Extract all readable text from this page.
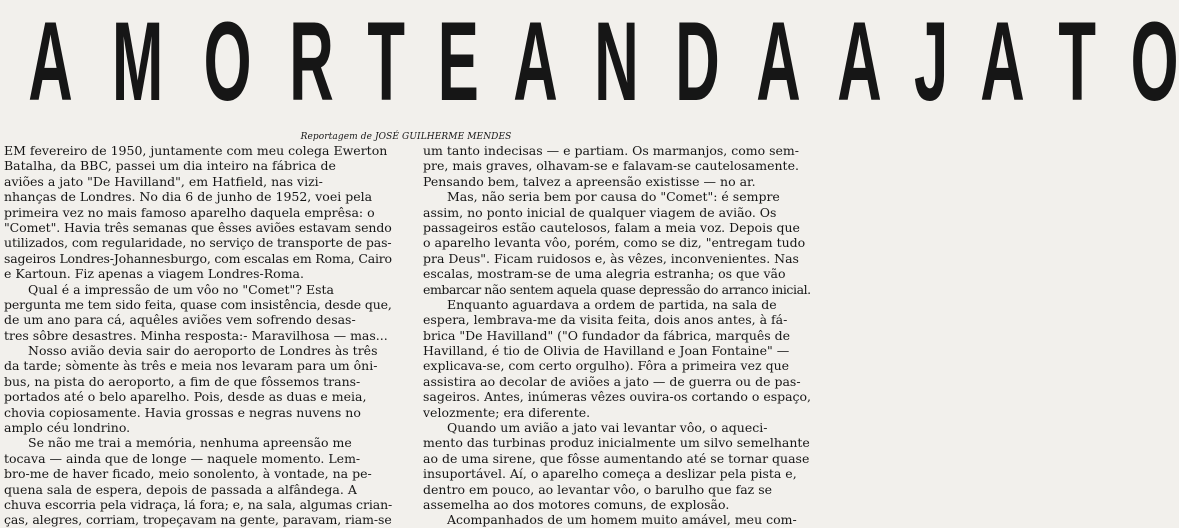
A M O R T E A N D A A J A T O
Reportagem de JOSÉ GUILHERME MENDES
EM fevereiro de 1950, juntamente com meu colega Ewerton
Batalha, da BBC, passei um dia inteiro na fábrica de
aviões a jato "De Havilland", em Hatfield, nas vizi-
nhanças de Londres. No dia 6 de junho de 1952, voei pela
primeira vez no mais famoso aparelho daquela emprêsa: o
"Comet". Havia três semanas que êsses aviões estavam sendo
utilizados, com regularidade, no serviço de transporte de pas-
sageiros Londres-Johannesburgo, com escalas em Roma, Cairo
e Kartoun. Fiz apenas a viagem Londres-Roma.
Qual é a impressão de um vôo no "Comet"? Esta
pergunta me tem sido feita, quase com insistência, desde que,
de um ano para cá, aquêles aviões vem sofrendo desas-
tres sôbre desastres. Minha resposta:- Maravilhosa — mas...
Nosso avião devia sair do aeroporto de Londres às três
da tarde; sòmente às três e meia nos levaram para um ôni-
bus, na pista do aeroporto, a fim de que fôssemos trans-
portados até o belo aparelho. Pois, desde as duas e meia,
chovia copiosamente. Havia grossas e negras nuvens no
amplo céu londrino.
Se não me trai a memória, nenhuma apreensão me
tocava — ainda que de longe — naquele momento. Lem-
bro-me de haver ficado, meio sonolento, à vontade, na pe-
quena sala de espera, depois de passada a alfândega. A
chuva escorria pela vidraça, lá fora; e, na sala, algumas crian-
ças, alegres, corriam, tropeçavam na gente, paravam, riam-se
um tanto indecisas — e partiam. Os marmanjos, como sem-
pre, mais graves, olhavam-se e falavam-se cautelosamente.
Pensando bem, talvez a apreensão existisse — no ar.
Mas, não seria bem por causa do "Comet": é sempre
assim, no ponto inicial de qualquer viagem de avião. Os
passageiros estão cautelosos, falam a meia voz. Depois que
o aparelho levanta vôo, porém, como se diz, "entregam tudo
pra Deus". Ficam ruidosos e, às vêzes, inconvenientes. Nas
escalas, mostram-se de uma alegria estranha; os que vão
embarcar não sentem aquela quase depressão do arranco inicial.
Enquanto aguardava a ordem de partida, na sala de
espera, lembrava-me da visita feita, dois anos antes, à fá-
brica "De Havilland" ("O fundador da fábrica, marquês de
Havilland, é tio de Olivia de Havilland e Joan Fontaine" —
explicava-se, com certo orgulho). Fôra a primeira vez que
assistira ao decolar de aviões a jato — de guerra ou de pas-
sageiros. Antes, inúmeras vêzes ouvira-os cortando o espaço,
velozmente; era diferente.
Quando um avião a jato vai levantar vôo, o aqueci-
mento das turbinas produz inicialmente um silvo semelhante
ao de uma sirene, que fôsse aumentando até se tornar quase
insuportável. Aí, o aparelho começa a deslizar pela pista e,
dentro em pouco, ao levantar vôo, o barulho que faz se
assemelha ao dos motores comuns, de explosão.
Acompanhados de um homem muito amável, meu com-
